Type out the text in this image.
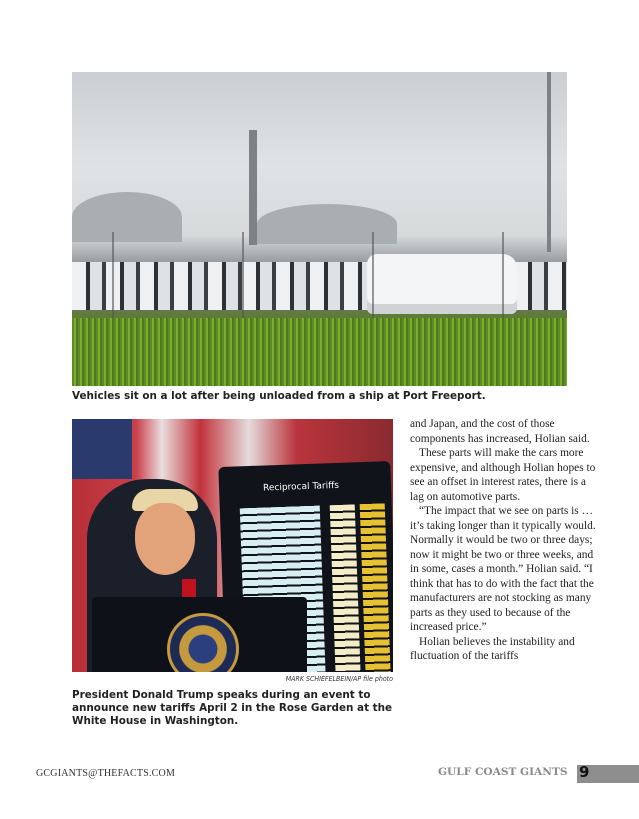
Vehicles sit on a lot after being unloaded from a ship at Port Freeport.
Reciprocal Tariffs
MARK SCHIEFELBEIN/AP file photo
President Donald Trump speaks during an event to announce new tariffs April 2 in the Rose Garden at the White House in Washington.

and Japan, and the cost of those components has increased, Holian said.

These parts will make the cars more expensive, and although Holian hopes to see an offset in interest rates, there is a lag on automotive parts.

“The impact that we see on parts is … it’s taking longer than it typically would. Normally it would be two or three days; now it might be two or three weeks, and in some, cases a month.” Holian said. “I think that has to do with the fact that the manufacturers are not stocking as many parts as they used to because of the increased price.”

Holian believes the instability and fluctuation of the tariffs

GCGIANTS@THEFACTS.COM	GULF COAST GIANTS 9
